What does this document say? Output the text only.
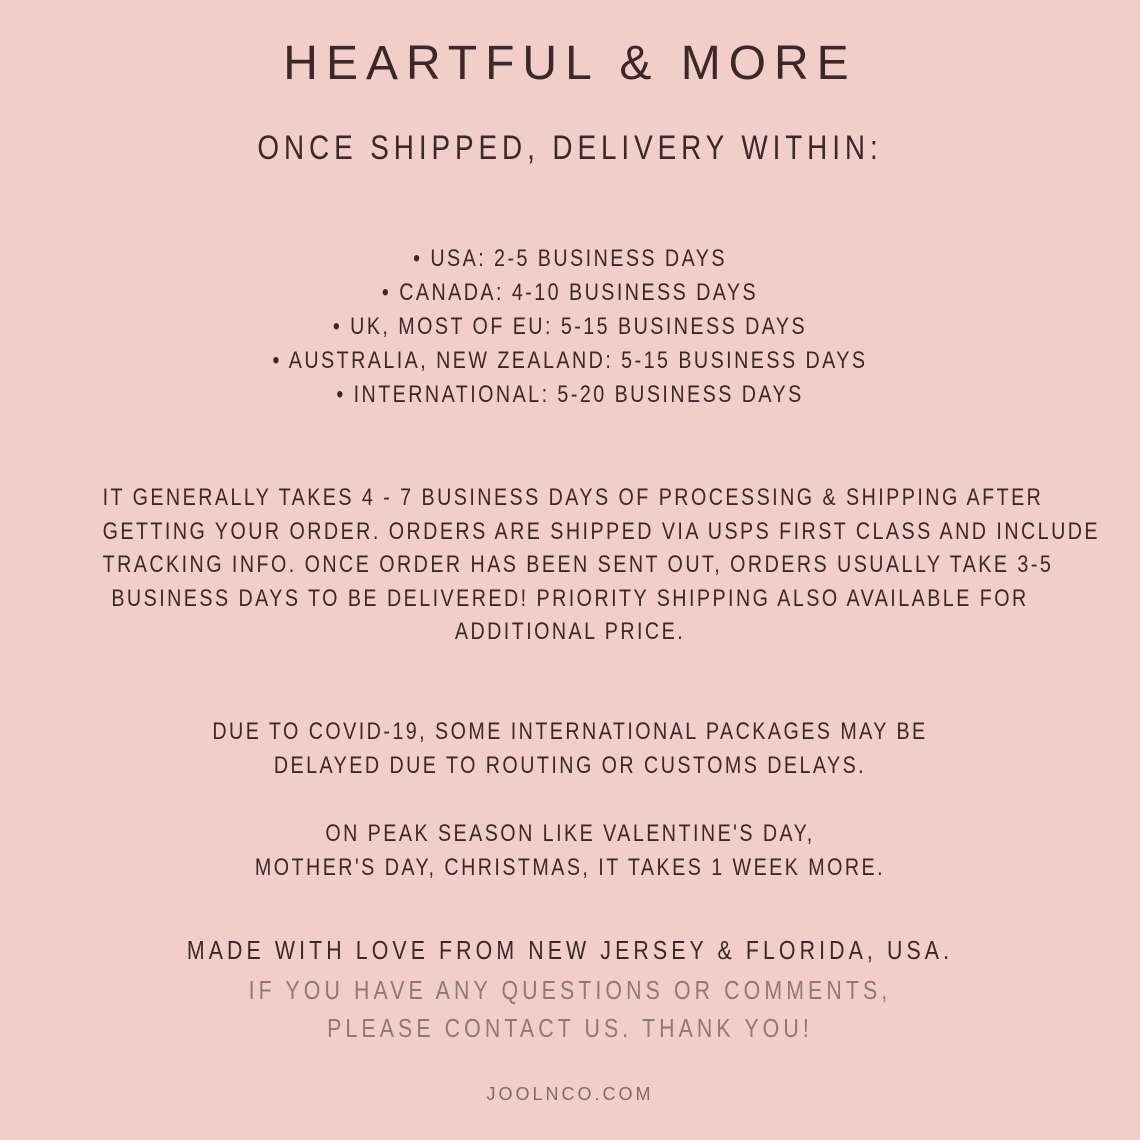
HEARTFUL & MORE
ONCE SHIPPED, DELIVERY WITHIN:
• USA: 2-5 BUSINESS DAYS
• CANADA: 4-10 BUSINESS DAYS
• UK, MOST OF EU: 5-15 BUSINESS DAYS
• AUSTRALIA, NEW ZEALAND: 5-15 BUSINESS DAYS
• INTERNATIONAL: 5-20 BUSINESS DAYS
IT GENERALLY TAKES 4 - 7 BUSINESS DAYS OF PROCESSING & SHIPPING AFTER
GETTING YOUR ORDER. ORDERS ARE SHIPPED VIA USPS FIRST CLASS AND INCLUDE
TRACKING INFO. ONCE ORDER HAS BEEN SENT OUT, ORDERS USUALLY TAKE 3-5
BUSINESS DAYS TO BE DELIVERED! PRIORITY SHIPPING ALSO AVAILABLE FOR
ADDITIONAL PRICE.
DUE TO COVID-19, SOME INTERNATIONAL PACKAGES MAY BE
DELAYED DUE TO ROUTING OR CUSTOMS DELAYS.
ON PEAK SEASON LIKE VALENTINE'S DAY,
MOTHER'S DAY, CHRISTMAS, IT TAKES 1 WEEK MORE.
MADE WITH LOVE FROM NEW JERSEY & FLORIDA, USA.
IF YOU HAVE ANY QUESTIONS OR COMMENTS,
PLEASE CONTACT US. THANK YOU!
JOOLNCO.COM
